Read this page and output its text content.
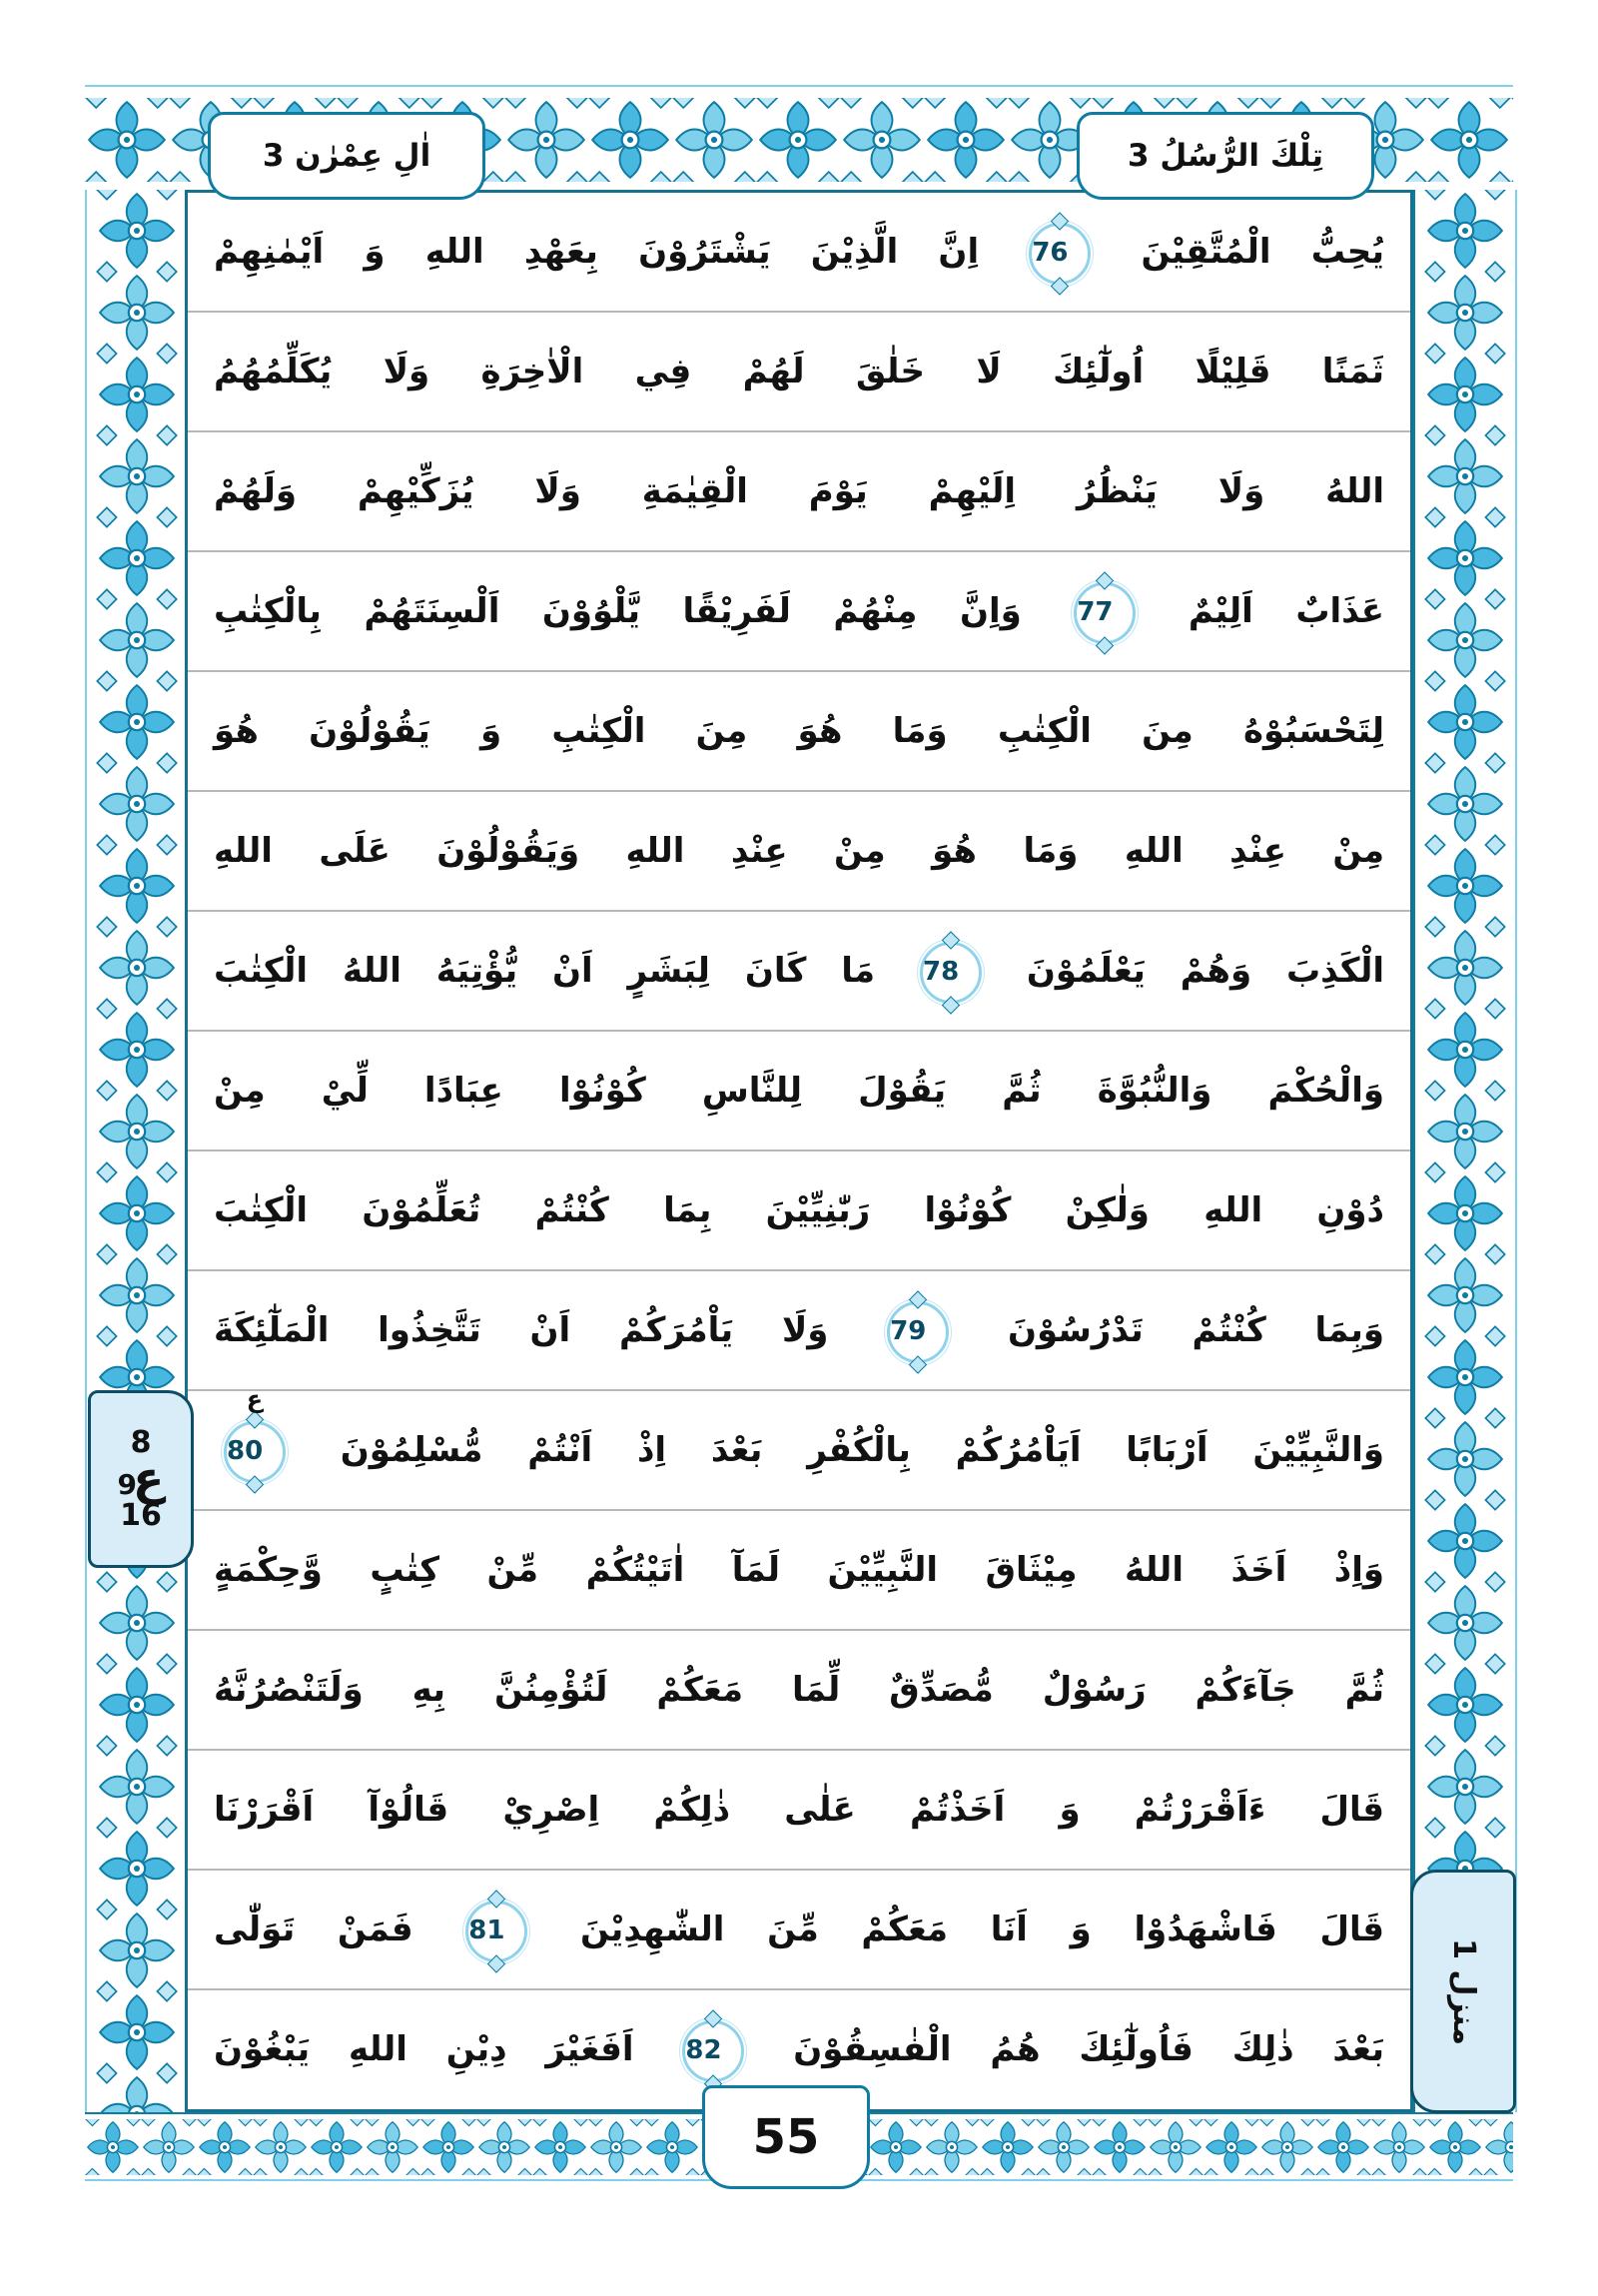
اٰلِ عِمْرٰن 3	تِلْكَ الرُّسُلُ 3
يُحِبُّ الْمُتَّقِيْنَ 76 اِنَّ الَّذِيْنَ يَشْتَرُوْنَ بِعَهْدِ اللهِ وَ اَيْمٰنِهِمْ
ثَمَنًا قَلِيْلًا اُولٰٓئِكَ لَا خَلٰقَ لَهُمْ فِي الْاٰخِرَةِ وَلَا يُكَلِّمُهُمُ
اللهُ وَلَا يَنْظُرُ اِلَيْهِمْ يَوْمَ الْقِيٰمَةِ وَلَا يُزَكِّيْهِمْ وَلَهُمْ
عَذَابٌ اَلِيْمٌ 77 وَاِنَّ مِنْهُمْ لَفَرِيْقًا يَّلْوُوْنَ اَلْسِنَتَهُمْ بِالْكِتٰبِ
لِتَحْسَبُوْهُ مِنَ الْكِتٰبِ وَمَا هُوَ مِنَ الْكِتٰبِ وَ يَقُوْلُوْنَ هُوَ
مِنْ عِنْدِ اللهِ وَمَا هُوَ مِنْ عِنْدِ اللهِ وَيَقُوْلُوْنَ عَلَى اللهِ
الْكَذِبَ وَهُمْ يَعْلَمُوْنَ 78 مَا كَانَ لِبَشَرٍ اَنْ يُّؤْتِيَهُ اللهُ الْكِتٰبَ
وَالْحُكْمَ وَالنُّبُوَّةَ ثُمَّ يَقُوْلَ لِلنَّاسِ كُوْنُوْا عِبَادًا لِّيْ مِنْ
دُوْنِ اللهِ وَلٰكِنْ كُوْنُوْا رَبّٰنِيِّيْنَ بِمَا كُنْتُمْ تُعَلِّمُوْنَ الْكِتٰبَ
وَبِمَا كُنْتُمْ تَدْرُسُوْنَ 79 وَلَا يَاْمُرَكُمْ اَنْ تَتَّخِذُوا الْمَلٰٓئِكَةَ
وَالنَّبِيِّيْنَ اَرْبَابًا اَيَاْمُرُكُمْ بِالْكُفْرِ بَعْدَ اِذْ اَنْتُمْ مُّسْلِمُوْنَ 80
ع
وَاِذْ اَخَذَ اللهُ مِيْثَاقَ النَّبِيِّيْنَ لَمَآ اٰتَيْتُكُمْ مِّنْ كِتٰبٍ وَّحِكْمَةٍ
ثُمَّ جَآءَكُمْ رَسُوْلٌ مُّصَدِّقٌ لِّمَا مَعَكُمْ لَتُؤْمِنُنَّ بِهِ وَلَتَنْصُرُنَّهُ
قَالَ ءَاَقْرَرْتُمْ وَ اَخَذْتُمْ عَلٰى ذٰلِكُمْ اِصْرِيْ قَالُوْآ اَقْرَرْنَا
قَالَ فَاشْهَدُوْا وَ اَنَا مَعَكُمْ مِّنَ الشّٰهِدِيْنَ 81 فَمَنْ تَوَلّٰى
بَعْدَ ذٰلِكَ فَاُولٰٓئِكَ هُمُ الْفٰسِقُوْنَ 82 اَفَغَيْرَ دِيْنِ اللهِ يَبْغُوْنَ
8
ع
9
16
منزل 1
55
